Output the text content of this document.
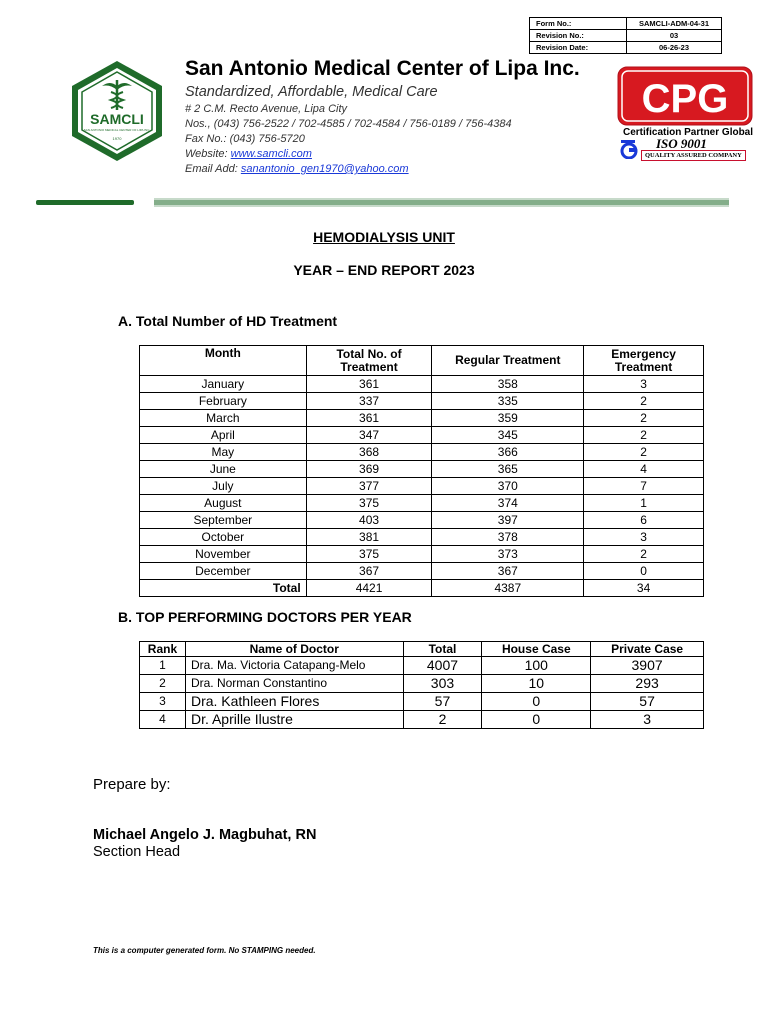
Form No.:	SAMCLI-ADM-04-31
Revision No.:	03
Revision Date:	06-26-23
SAMCLI
SAN ANTONIO MEDICAL CENTER OF LIPA INC.
1970
San Antonio Medical Center of Lipa Inc.
Standardized, Affordable, Medical Care
# 2 C.M. Recto Avenue, Lipa City
Nos., (043) 756-2522 / 702-4585 / 702-4584 / 756-0189 / 756-4384
Fax No.: (043) 756-5720
Website: www.samcli.com
Email Add: sanantonio_gen1970@yahoo.com
CPG
Certification Partner Global
ISO 9001
QUALITY ASSURED COMPANY
HEMODIALYSIS UNIT
YEAR – END REPORT 2023
A. Total Number of HD Treatment
Month	Total No. of Treatment	Regular Treatment	Emergency Treatment
January	361	358	3
February	337	335	2
March	361	359	2
April	347	345	2
May	368	366	2
June	369	365	4
July	377	370	7
August	375	374	1
September	403	397	6
October	381	378	3
November	375	373	2
December	367	367	0
Total	4421	4387	34
B. TOP PERFORMING DOCTORS PER YEAR
Rank	Name of Doctor	Total	House Case	Private Case
1	Dra. Ma. Victoria Catapang-Melo	4007	100	3907
2	Dra. Norman Constantino	303	10	293
3	Dra. Kathleen Flores	57	0	57
4	Dr. Aprille Ilustre	2	0	3
Prepare by:
Michael Angelo J. Magbuhat, RN
Section Head
This is a computer generated form. No STAMPING needed.
